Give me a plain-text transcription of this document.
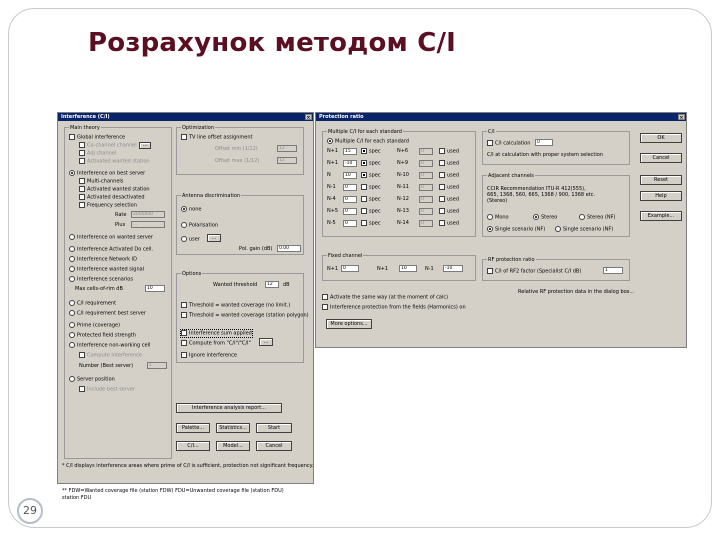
Розрахунок методом С/І
29
Interference (C/I)	×
Main theory
Global interference
Co-channel channel	...
Adj channel
Activated wanted station
Interference on best server
Multi-channels
Activated wanted station
Activated desactivated
Frequency selection
Rate	2000000
Plus	...
Interference on wanted server
Interference Activated Do cell.
Interference Network ID
Interference wanted signal
Interference scenarios
Max cells-of-rim dB	10
C/I requirement
C/I requirement best server
Prime (coverage)
Protected field strength
Interference non-working cell
Compute interference
Number (Best server)	1
Server position
Include best server
Optimization
TV line offset assignment
Offset min (1/12)	12
Offset max (1/12)	12
Antenna discrimination
none
Polarisation
user	...
Pol. gain (dB)	0.00
Options
Wanted threshold	12	dB
Threshold = wanted coverage (no limit.)
Threshold = wanted coverage (station polygon)
Interference sum applied
Compute from "C/I"/"C/I"	...
Ignore interference
Interference analysis report...
Palette...	Statistics...	Start
C/I...	Model...	Cancel
* C/I displays interference areas where prime of C/I is sufficient, protection not significant frequency.
** FDW=Wanted coverage file (station FDW) FDU=Unwanted coverage file (station FDU)
station FDU
Protection ratio	×
Multiple C/I for each standard
Multiple C/I for each standard
N+1	15	spec	N+6	0	used
N+1	-10	spec	N+9	0	used
N	10	spec	N-10	0	used
N-1	0	spec	N-11	0	used
N-4	0	spec	N-12	0	used
N+5	0	spec	N-13	0	used
N-5	0	spec	N-14	0	used
Fixed channel
N+1	0	N+1	10	N-1	-10
C/I
C/I calculation	0
C/I at calculation with proper system selection
Adjacent channels
CCIR Recommendation ITU-R 412(555), 665, 1368, 560, 665, 1368 / 900, 1368 etc. (Stereo)
Mono	Stereo	Stereo (NF)
Single scenario (NF)	Single scenario (NF)
RF protection ratio
C/I of RF2 factor (Specialist C/I dB)	1
Relative RF protection data in the dialog box...
Activate the same way (at the moment of calc)
Interference protection from the fields (Harmonics) on
More options...
OK
Cancel
Reset
Help
Example...
